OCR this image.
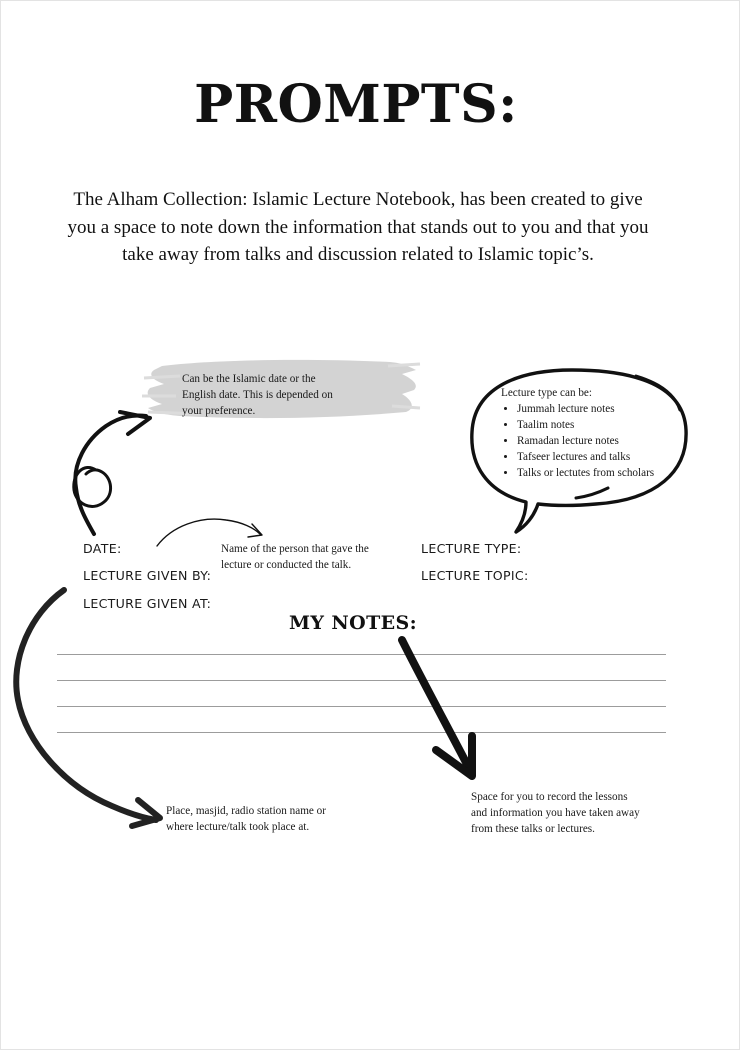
PROMPTS:
The Alham Collection: Islamic Lecture Notebook, has been created to give
you a space to note down the information that stands out to you and that you
take away from talks and discussion related to Islamic topic’s.
Can be the Islamic date or the
English date. This is depended on
your preference.
Lecture type can be:
• Jummah lecture notes
• Taalim notes
• Ramadan lecture notes
• Tafseer lectures and talks
• Talks or lectutes from scholars
Name of the person that gave the
lecture or conducted the talk.
DATE:
LECTURE GIVEN BY:
LECTURE GIVEN AT:
LECTURE TYPE:
LECTURE TOPIC:
MY NOTES:
Place, masjid, radio station name or
where lecture/talk took place at.
Space for you to record the lessons
and information you have taken away
from these talks or lectures.
